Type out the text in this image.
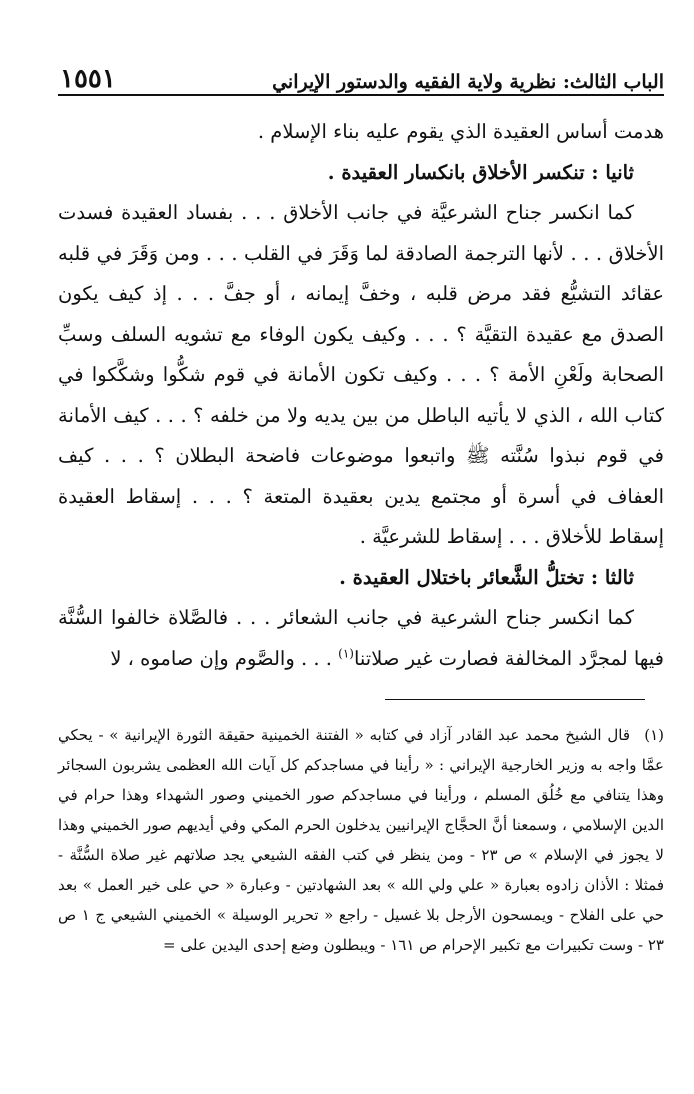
١٥٥١	الباب الثالث: نظرية ولاية الفقيه والدستور الإيراني

هدمت أساس العقيدة الذي يقوم عليه بناء الإسلام .

ثانيا : تنكسر الأخلاق بانكسار العقيدة .

كما انكسر جناح الشرعيَّة في جانب الأخلاق . . . بفساد العقيدة فسدت الأخلاق . . . لأنها الترجمة الصادقة لما وَقَرَ في القلب . . . ومن وَقَرَ في قلبه عقائد التشيُّع فقد مرض قلبه ، وخفَّ إيمانه ، أو جفَّ . . . إذ كيف يكون الصدق مع عقيدة التقيَّة ؟ . . . وكيف يكون الوفاء مع تشويه السلف وسبِّ الصحابة ولَعْنِ الأمة ؟ . . . وكيف تكون الأمانة في قوم شكُّوا وشكَّكوا في كتاب الله ، الذي لا يأتيه الباطل من بين يديه ولا من خلفه ؟ . . . كيف الأمانة في قوم نبذوا سُنَّته ﷺ واتبعوا موضوعات فاضحة البطلان ؟ . . . كيف العفاف في أسرة أو مجتمع يدين بعقيدة المتعة ؟ . . . إسقاط العقيدة إسقاط للأخلاق . . . إسقاط للشرعيَّة .

ثالثا : تختلُّ الشَّعائر باختلال العقيدة .

كما انكسر جناح الشرعية في جانب الشعائر . . . فالصَّلاة خالفوا السُّنَّة فيها لمجرَّد المخالفة فصارت غير صلاتنا$^{(١)}$ . . . والصَّوم وإن صاموه ، لا

(١)قال الشيخ محمد عبد القادر آزاد في كتابه « الفتنة الخمينية حقيقة الثورة الإيرانية » - يحكي عمَّا واجه به وزير الخارجية الإيراني : « رأينا في مساجدكم كل آيات الله العظمى يشربون السجائر وهذا يتنافي مع خُلُق المسلم ، ورأينا في مساجدكم صور الخميني وصور الشهداء وهذا حرام في الدين الإسلامي ، وسمعنا أنَّ الحجَّاج الإيرانيين يدخلون الحرم المكي وفي أيديهم صور الخميني وهذا لا يجوز في الإسلام » ص ٢٣ - ومن ينظر في كتب الفقه الشيعي يجد صلاتهم غير صلاة السُّنَّة - فمثلا : الأذان زادوه بعبارة « علي ولي الله » بعد الشهادتين - وعبارة « حي على خير العمل » بعد حي على الفلاح - ويمسحون الأرجل بلا غسيل - راجع « تحرير الوسيلة » الخميني الشيعي ج ١ ص ٢٣ - وست تكبيرات مع تكبير الإحرام ص ١٦١ - ويبطلون وضع إحدى اليدين على =
